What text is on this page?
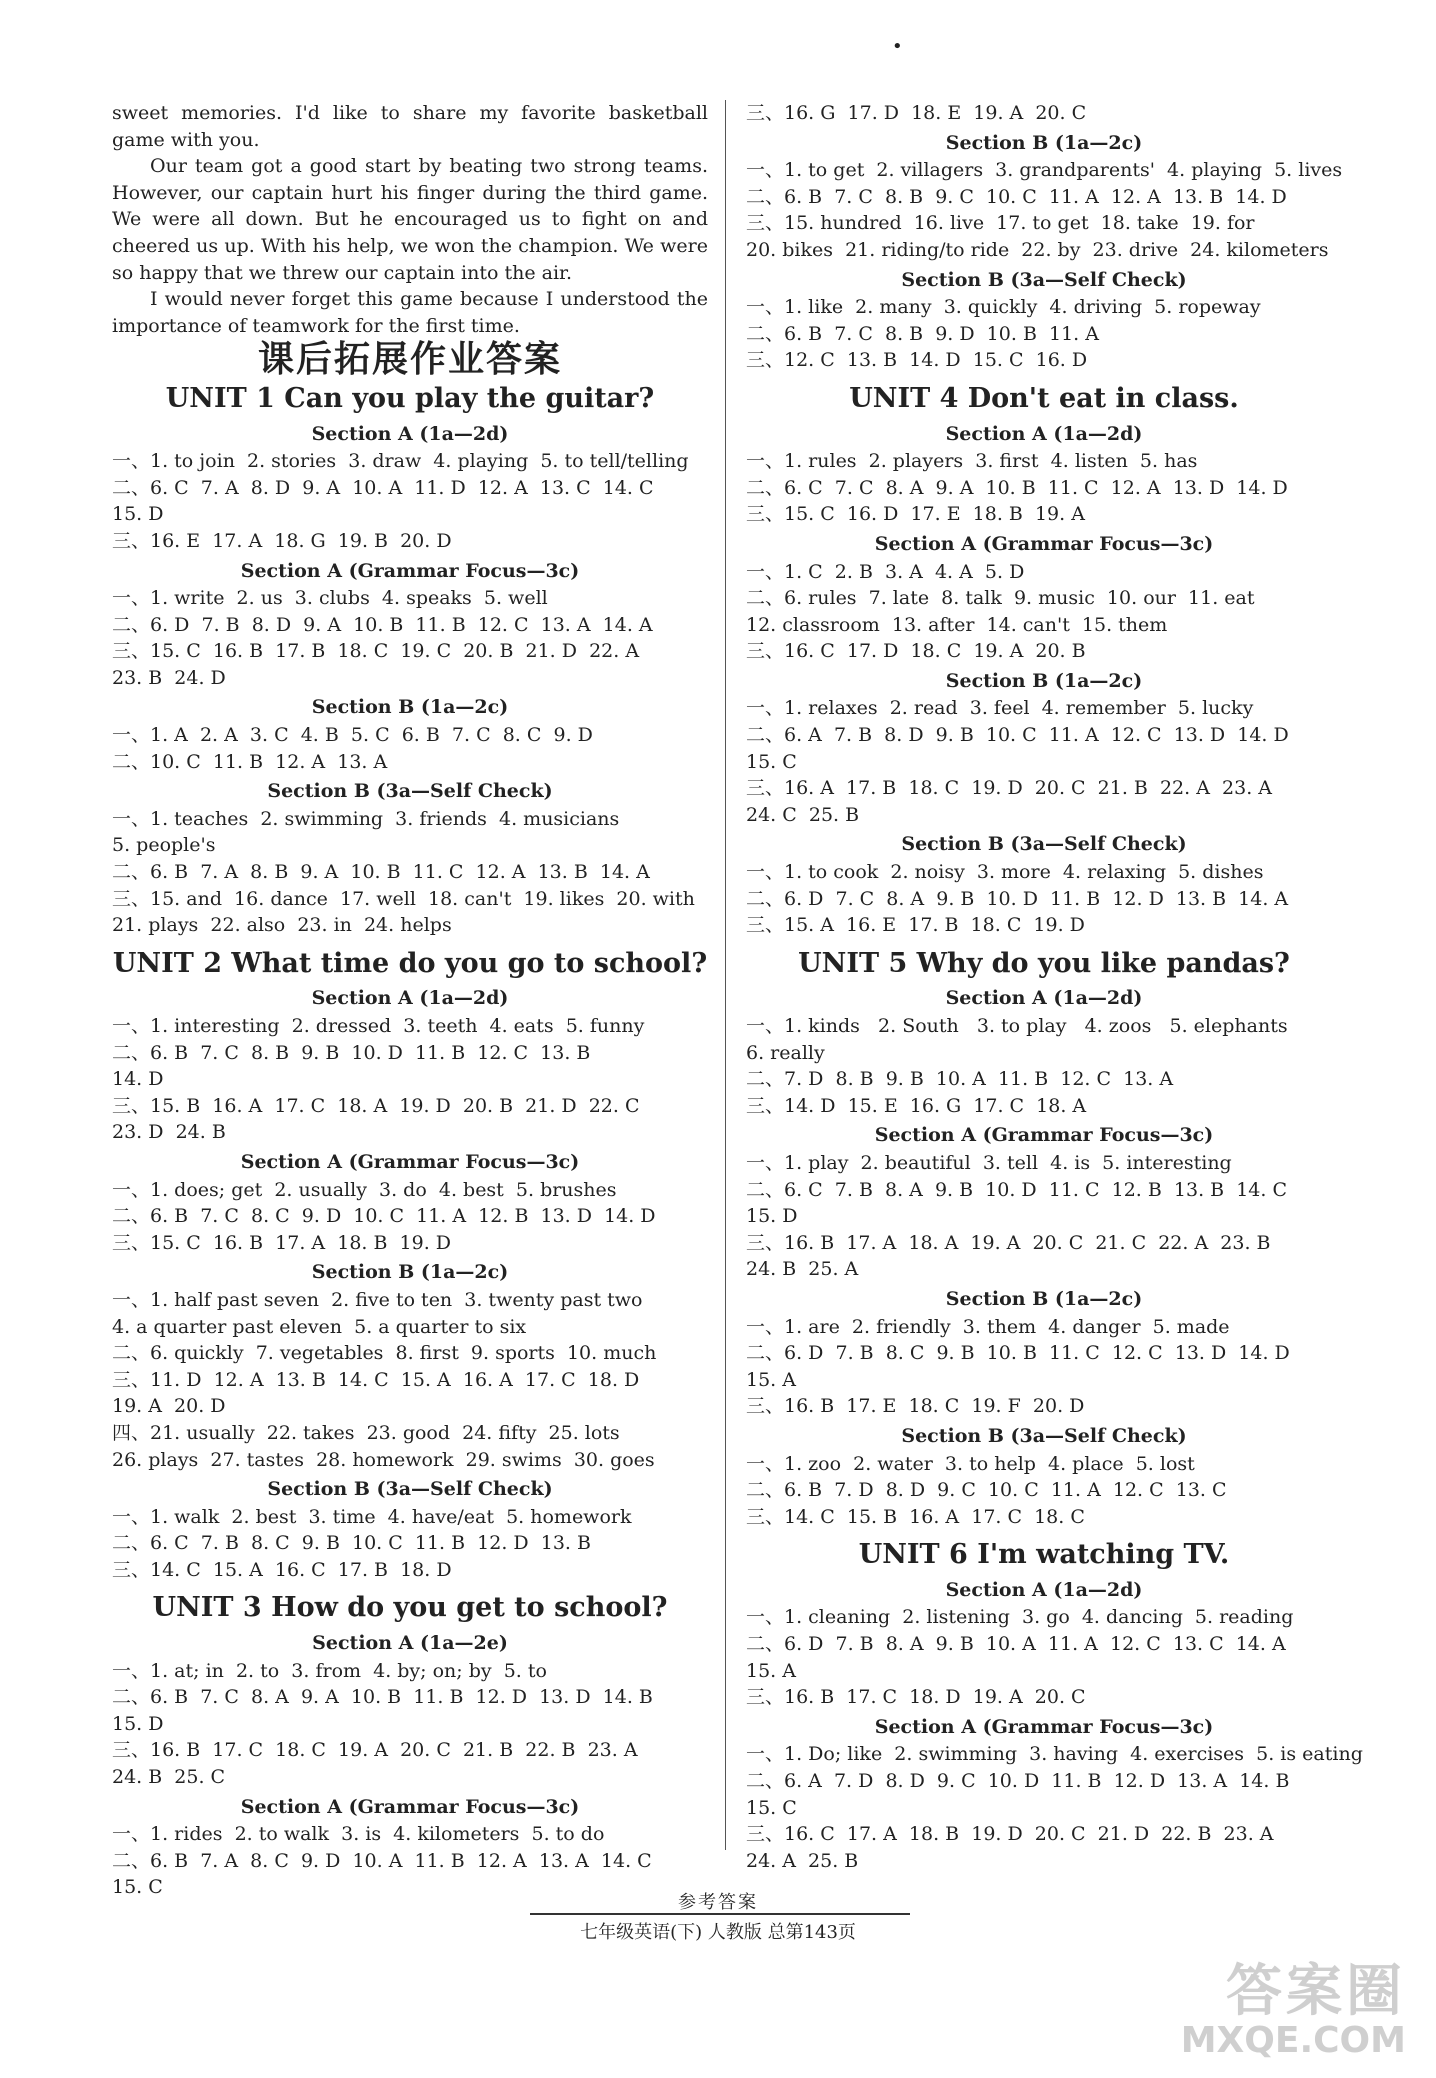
•

sweet memories. I'd like to share my favorite basketball game with you.

Our team got a good start by beating two strong teams. However, our captain hurt his finger during the third game. We were all down. But he encouraged us to fight on and cheered us up. With his help, we won the champion. We were so happy that we threw our captain into the air.

I would never forget this game because I understood the importance of teamwork for the first time.

课后拓展作业答案
UNIT 1 Can you play the guitar?
Section A (1a—2d)
一、1. to join  2. stories  3. draw  4. playing  5. to tell/telling
二、6. C  7. A  8. D  9. A  10. A  11. D  12. A  13. C  14. C
15. D
三、16. E  17. A  18. G  19. B  20. D
Section A (Grammar Focus—3c)
一、1. write  2. us  3. clubs  4. speaks  5. well
二、6. D  7. B  8. D  9. A  10. B  11. B  12. C  13. A  14. A
三、15. C  16. B  17. B  18. C  19. C  20. B  21. D  22. A
23. B  24. D
Section B (1a—2c)
一、1. A  2. A  3. C  4. B  5. C  6. B  7. C  8. C  9. D
二、10. C  11. B  12. A  13. A
Section B (3a—Self Check)
一、1. teaches  2. swimming  3. friends  4. musicians
5. people's
二、6. B  7. A  8. B  9. A  10. B  11. C  12. A  13. B  14. A
三、15. and  16. dance  17. well  18. can't  19. likes  20. with
21. plays  22. also  23. in  24. helps
UNIT 2 What time do you go to school?
Section A (1a—2d)
一、1. interesting  2. dressed  3. teeth  4. eats  5. funny
二、6. B  7. C  8. B  9. B  10. D  11. B  12. C  13. B
14. D
三、15. B  16. A  17. C  18. A  19. D  20. B  21. D  22. C
23. D  24. B
Section A (Grammar Focus—3c)
一、1. does; get  2. usually  3. do  4. best  5. brushes
二、6. B  7. C  8. C  9. D  10. C  11. A  12. B  13. D  14. D
三、15. C  16. B  17. A  18. B  19. D
Section B (1a—2c)
一、1. half past seven  2. five to ten  3. twenty past two
4. a quarter past eleven  5. a quarter to six
二、6. quickly  7. vegetables  8. first  9. sports  10. much
三、11. D  12. A  13. B  14. C  15. A  16. A  17. C  18. D
19. A  20. D
四、21. usually  22. takes  23. good  24. fifty  25. lots
26. plays  27. tastes  28. homework  29. swims  30. goes
Section B (3a—Self Check)
一、1. walk  2. best  3. time  4. have/eat  5. homework
二、6. C  7. B  8. C  9. B  10. C  11. B  12. D  13. B
三、14. C  15. A  16. C  17. B  18. D
UNIT 3 How do you get to school?
Section A (1a—2e)
一、1. at; in  2. to  3. from  4. by; on; by  5. to
二、6. B  7. C  8. A  9. A  10. B  11. B  12. D  13. D  14. B
15. D
三、16. B  17. C  18. C  19. A  20. C  21. B  22. B  23. A
24. B  25. C
Section A (Grammar Focus—3c)
一、1. rides  2. to walk  3. is  4. kilometers  5. to do
二、6. B  7. A  8. C  9. D  10. A  11. B  12. A  13. A  14. C
15. C
三、16. G  17. D  18. E  19. A  20. C
Section B (1a—2c)
一、1. to get  2. villagers  3. grandparents'  4. playing  5. lives
二、6. B  7. C  8. B  9. C  10. C  11. A  12. A  13. B  14. D
三、15. hundred  16. live  17. to get  18. take  19. for
20. bikes  21. riding/to ride  22. by  23. drive  24. kilometers
Section B (3a—Self Check)
一、1. like  2. many  3. quickly  4. driving  5. ropeway
二、6. B  7. C  8. B  9. D  10. B  11. A
三、12. C  13. B  14. D  15. C  16. D
UNIT 4 Don't eat in class.
Section A (1a—2d)
一、1. rules  2. players  3. first  4. listen  5. has
二、6. C  7. C  8. A  9. A  10. B  11. C  12. A  13. D  14. D
三、15. C  16. D  17. E  18. B  19. A
Section A (Grammar Focus—3c)
一、1. C  2. B  3. A  4. A  5. D
二、6. rules  7. late  8. talk  9. music  10. our  11. eat
12. classroom  13. after  14. can't  15. them
三、16. C  17. D  18. C  19. A  20. B
Section B (1a—2c)
一、1. relaxes  2. read  3. feel  4. remember  5. lucky
二、6. A  7. B  8. D  9. B  10. C  11. A  12. C  13. D  14. D
15. C
三、16. A  17. B  18. C  19. D  20. C  21. B  22. A  23. A
24. C  25. B
Section B (3a—Self Check)
一、1. to cook  2. noisy  3. more  4. relaxing  5. dishes
二、6. D  7. C  8. A  9. B  10. D  11. B  12. D  13. B  14. A
三、15. A  16. E  17. B  18. C  19. D
UNIT 5 Why do you like pandas?
Section A (1a—2d)
一、1. kinds   2. South   3. to play   4. zoos   5. elephants
6. really
二、7. D  8. B  9. B  10. A  11. B  12. C  13. A
三、14. D  15. E  16. G  17. C  18. A
Section A (Grammar Focus—3c)
一、1. play  2. beautiful  3. tell  4. is  5. interesting
二、6. C  7. B  8. A  9. B  10. D  11. C  12. B  13. B  14. C
15. D
三、16. B  17. A  18. A  19. A  20. C  21. C  22. A  23. B
24. B  25. A
Section B (1a—2c)
一、1. are  2. friendly  3. them  4. danger  5. made
二、6. D  7. B  8. C  9. B  10. B  11. C  12. C  13. D  14. D
15. A
三、16. B  17. E  18. C  19. F  20. D
Section B (3a—Self Check)
一、1. zoo  2. water  3. to help  4. place  5. lost
二、6. B  7. D  8. D  9. C  10. C  11. A  12. C  13. C
三、14. C  15. B  16. A  17. C  18. C
UNIT 6 I'm watching TV.
Section A (1a—2d)
一、1. cleaning  2. listening  3. go  4. dancing  5. reading
二、6. D  7. B  8. A  9. B  10. A  11. A  12. C  13. C  14. A
15. A
三、16. B  17. C  18. D  19. A  20. C
Section A (Grammar Focus—3c)
一、1. Do; like  2. swimming  3. having  4. exercises  5. is eating
二、6. A  7. D  8. D  9. C  10. D  11. B  12. D  13. A  14. B
15. C
三、16. C  17. A  18. B  19. D  20. C  21. D  22. B  23. A
24. A  25. B
参考答案
七年级英语(下) 人教版 总第143页
答案圈
MXQE.COM
